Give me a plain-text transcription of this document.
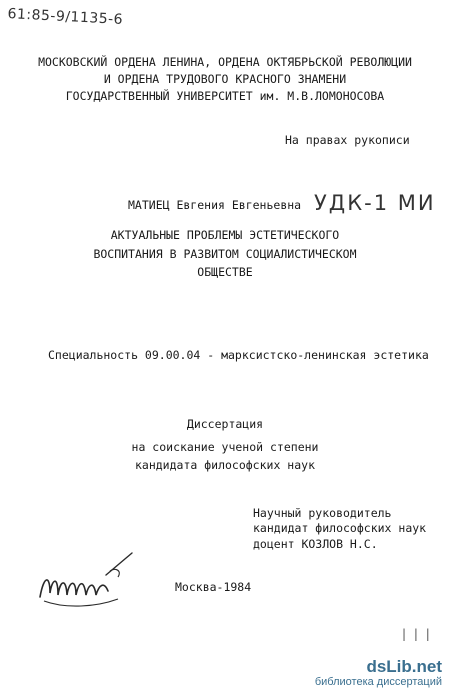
61:85-9/1135-6
МОСКОВСКИЙ ОРДЕНА ЛЕНИНА, ОРДЕНА ОКТЯБРЬСКОЙ РЕВОЛЮЦИИ
И ОРДЕНА ТРУДОВОГО КРАСНОГО ЗНАМЕНИ
ГОСУДАРСТВЕННЫЙ УНИВЕРСИТЕТ им. М.В.ЛОМОНОСОВА
На правах рукописи
МАТИЕЦ Евгения Евгеньевна УДК-1 МИ
АКТУАЛЬНЫЕ ПРОБЛЕМЫ ЭСТЕТИЧЕСКОГО
ВОСПИТАНИЯ В РАЗВИТОМ СОЦИАЛИСТИЧЕСКОМ
ОБЩЕСТВЕ
Специальность 09.00.04 - марксистско-ленинская эстетика
Диссертация
на соискание ученой степени
кандидата философских наук
Научный руководитель
кандидат философских наук
доцент КОЗЛОВ Н.С.
Москва-1984
| | |
dsLib.net
библиотека диссертаций
